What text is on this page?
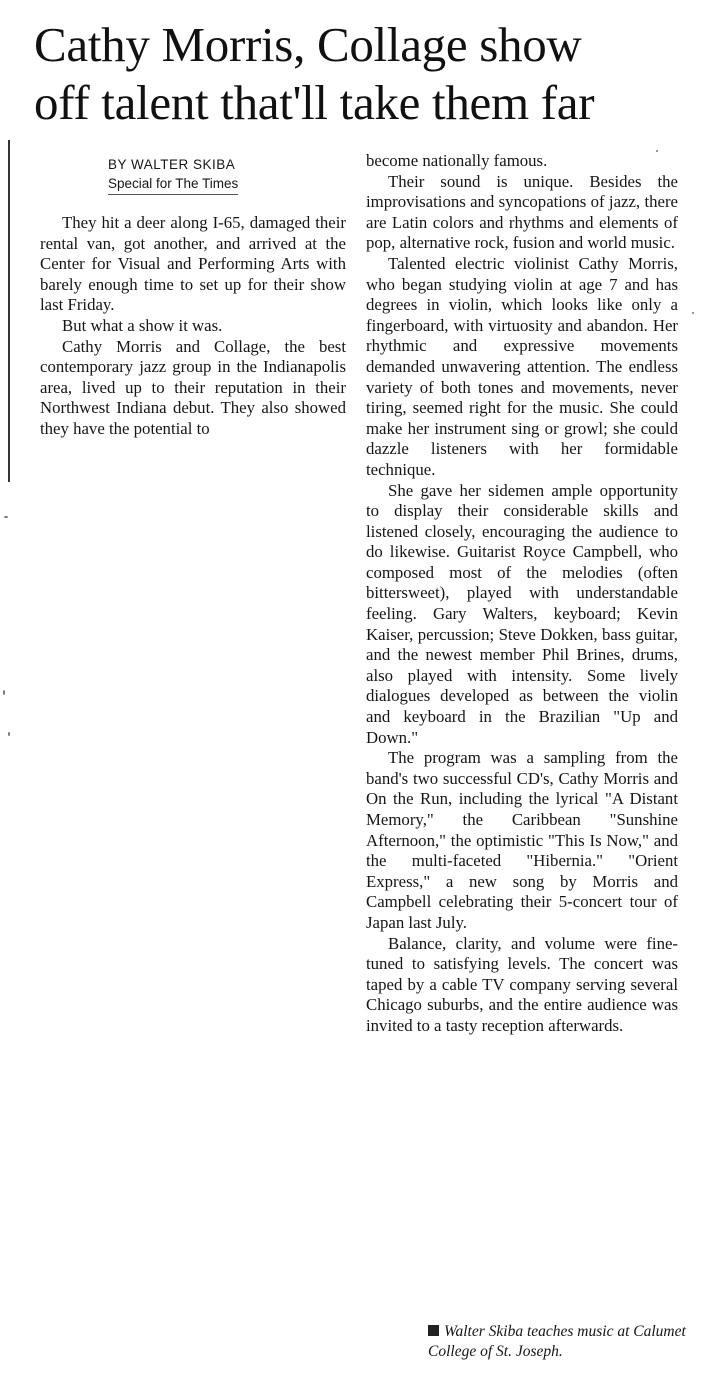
Cathy Morris, Collage show
off talent that'll take them far
BY WALTER SKIBA
Special for The Times

They hit a deer along I-65, damaged their rental van, got another, and arrived at the Center for Visual and Performing Arts with barely enough time to set up for their show last Friday.

But what a show it was.

Cathy Morris and Collage, the best contemporary jazz group in the Indianapolis area, lived up to their reputation in their Northwest Indiana debut. They also showed they have the potential to

become nationally famous.

Their sound is unique. Besides the improvisations and syncopations of jazz, there are Latin colors and rhythms and elements of pop, alternative rock, fusion and world music.

Talented electric violinist Cathy Morris, who began studying violin at age 7 and has degrees in violin, which looks like only a fingerboard, with virtuosity and abandon. Her rhythmic and expressive movements demanded unwavering attention. The endless variety of both tones and movements, never tiring, seemed right for the music. She could make her instrument sing or growl; she could dazzle listeners with her formidable technique.

She gave her sidemen ample opportunity to display their considerable skills and listened closely, encouraging the audience to do likewise. Guitarist Royce Campbell, who composed most of the melodies (often bittersweet), played with understandable feeling. Gary Walters, keyboard; Kevin Kaiser, percussion; Steve Dokken, bass guitar, and the newest member Phil Brines, drums, also played with intensity. Some lively dialogues developed as between the violin and keyboard in the Brazilian "Up and Down."

The program was a sampling from the band's two successful CD's, Cathy Morris and On the Run, including the lyrical "A Distant Memory," the Caribbean "Sunshine Afternoon," the optimistic "This Is Now," and the multi-faceted "Hibernia." "Orient Express," a new song by Morris and Campbell celebrating their 5-concert tour of Japan last July.

Balance, clarity, and volume were fine-tuned to satisfying levels. The concert was taped by a cable TV company serving several Chicago suburbs, and the entire audience was invited to a tasty reception afterwards.

Walter Skiba teaches music at Calumet College of St. Joseph.
